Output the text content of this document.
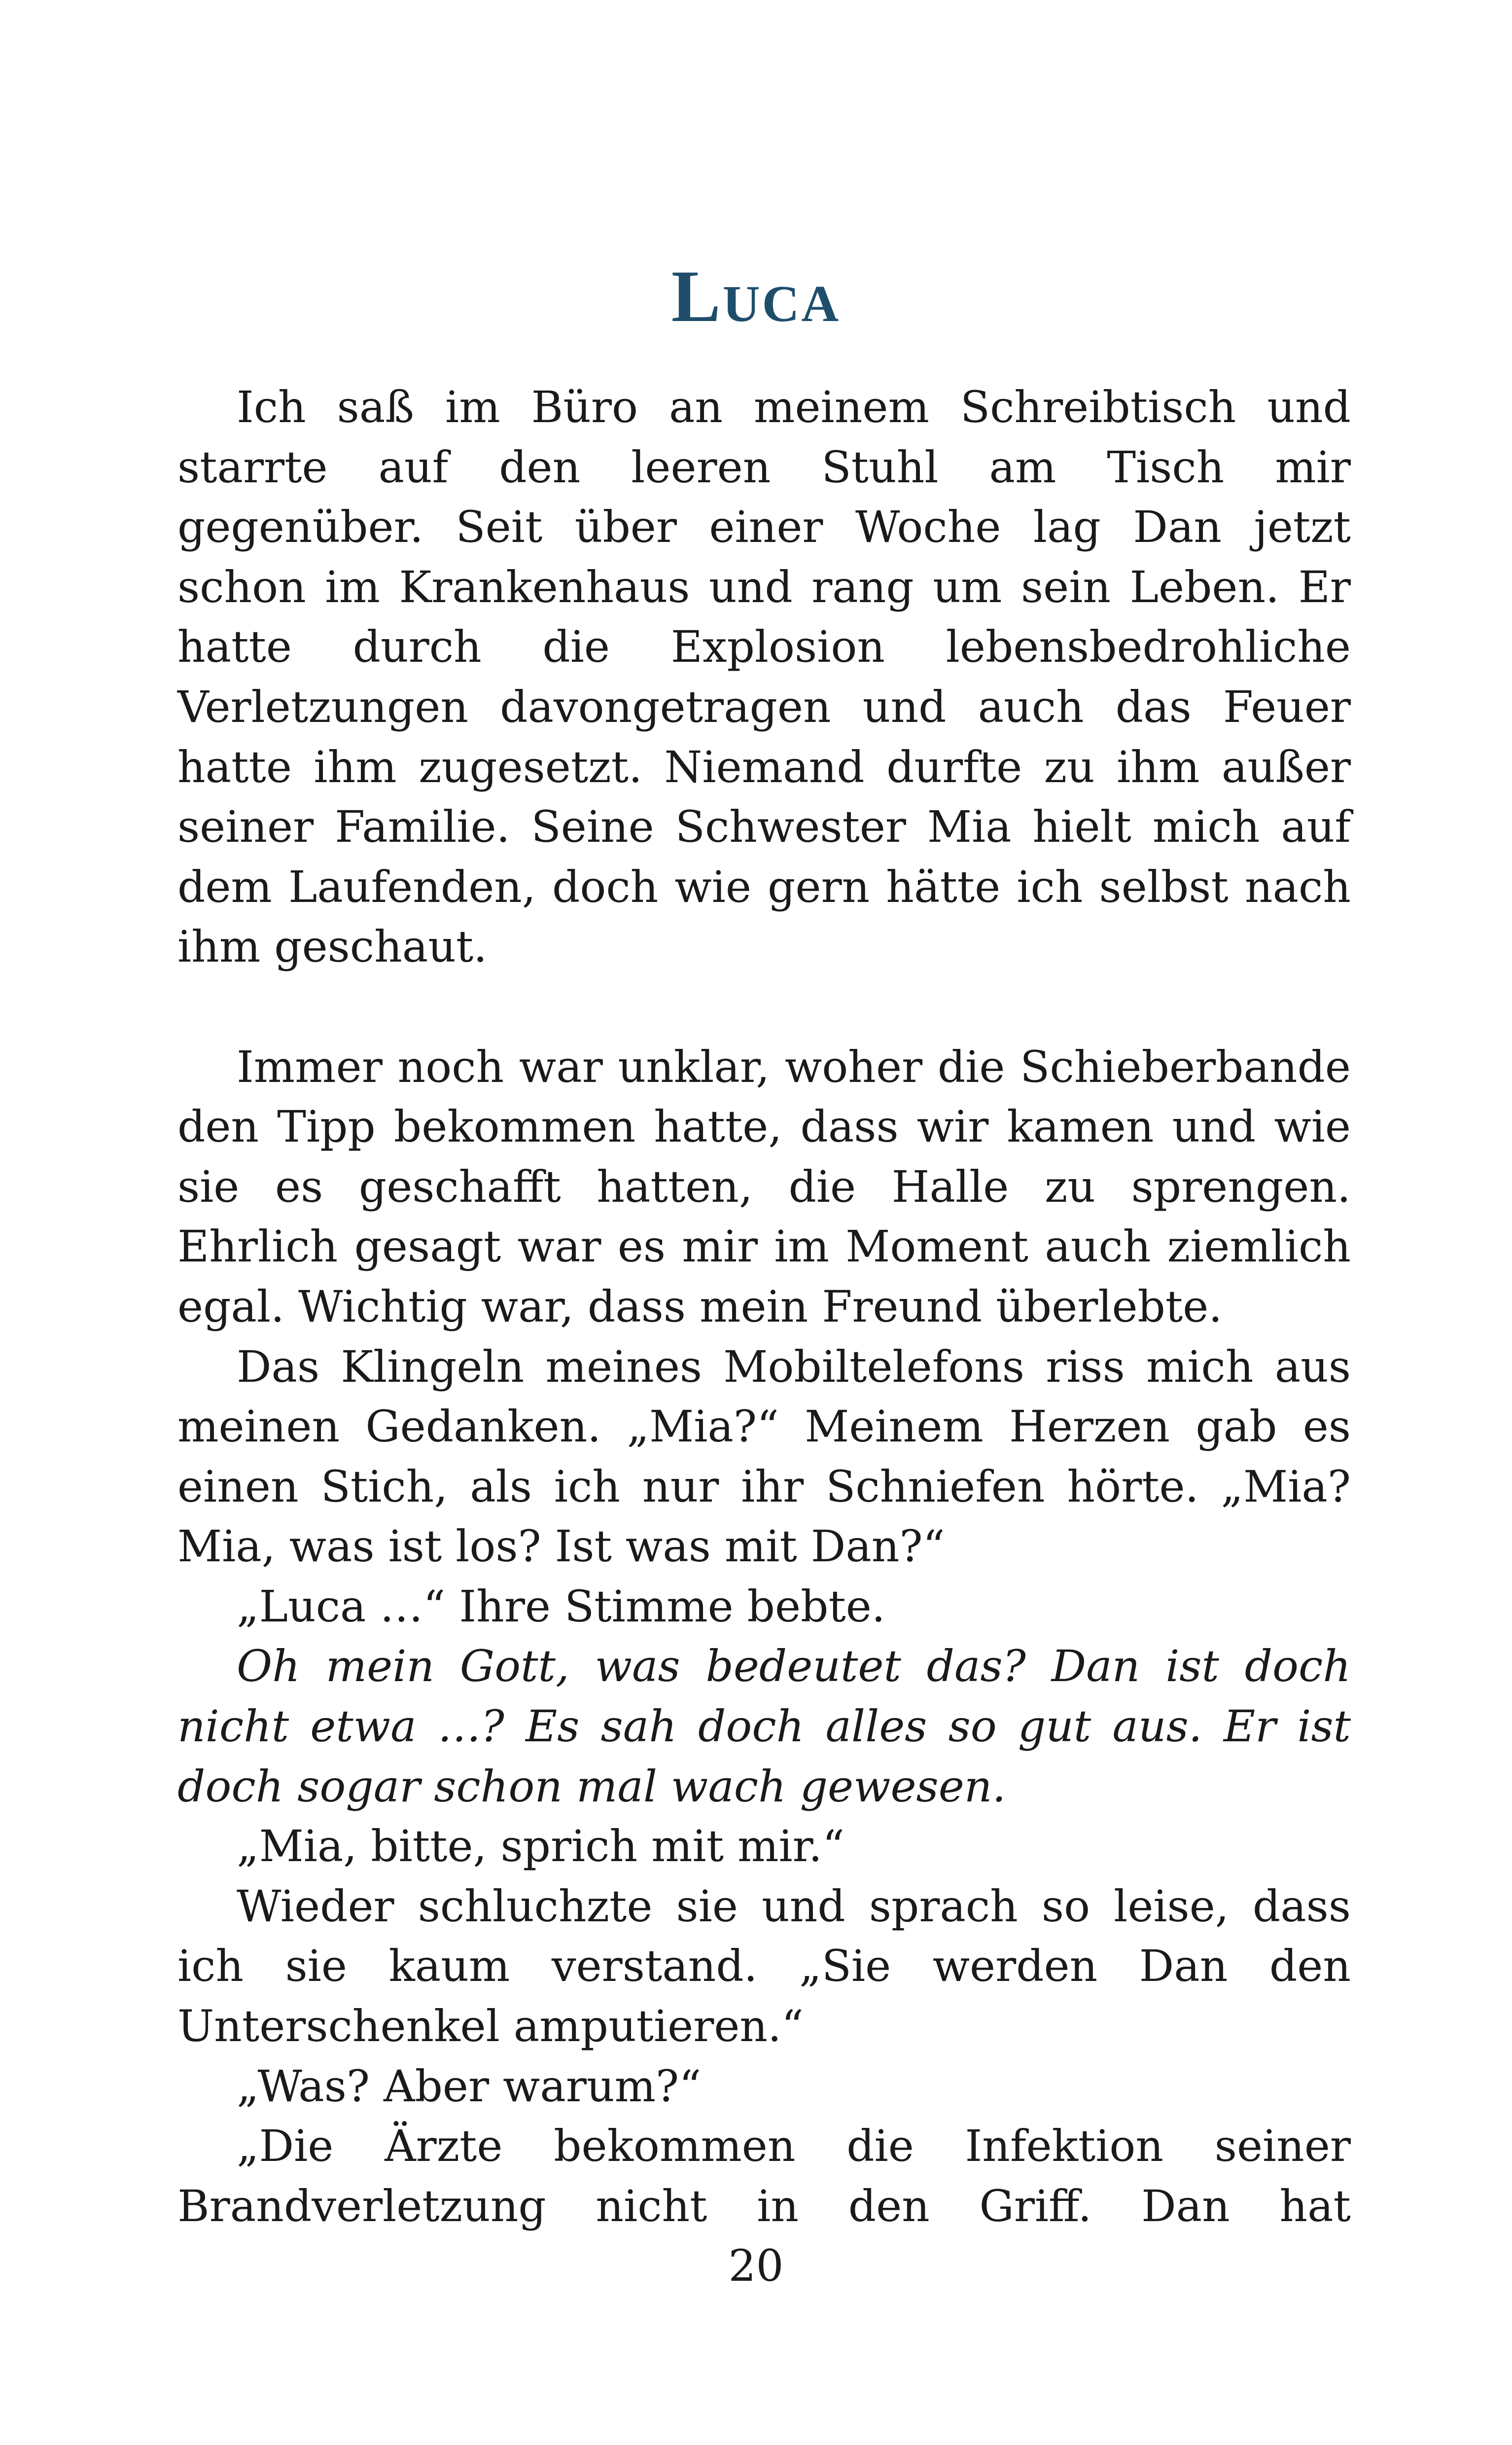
Luca

Ich saß im Büro an meinem Schreibtisch und starrte auf den leeren Stuhl am Tisch mir gegenüber. Seit über einer Woche lag Dan jetzt schon im Krankenhaus und rang um sein Leben. Er hatte durch die Explosion lebensbedrohliche Verletzungen davongetragen und auch das Feuer hatte ihm zugesetzt. Niemand durfte zu ihm außer seiner Familie. Seine Schwester Mia hielt mich auf dem Laufenden, doch wie gern hätte ich selbst nach ihm geschaut.

Immer noch war unklar, woher die Schieberbande den Tipp bekommen hatte, dass wir kamen und wie sie es geschafft hatten, die Halle zu sprengen. Ehrlich gesagt war es mir im Moment auch ziemlich egal. Wichtig war, dass mein Freund überlebte.

Das Klingeln meines Mobiltelefons riss mich aus meinen Gedanken. „Mia?“ Meinem Herzen gab es einen Stich, als ich nur ihr Schniefen hörte. „Mia? Mia, was ist los? Ist was mit Dan?“

„Luca …“ Ihre Stimme bebte.

Oh mein Gott, was bedeutet das? Dan ist doch nicht etwa …? Es sah doch alles so gut aus. Er ist doch sogar schon mal wach gewesen.

„Mia, bitte, sprich mit mir.“

Wieder schluchzte sie und sprach so leise, dass ich sie kaum verstand. „Sie werden Dan den Unterschenkel amputieren.“

„Was? Aber warum?“

„Die Ärzte bekommen die Infektion seiner Brandverletzung nicht in den Griff. Dan hat

20
